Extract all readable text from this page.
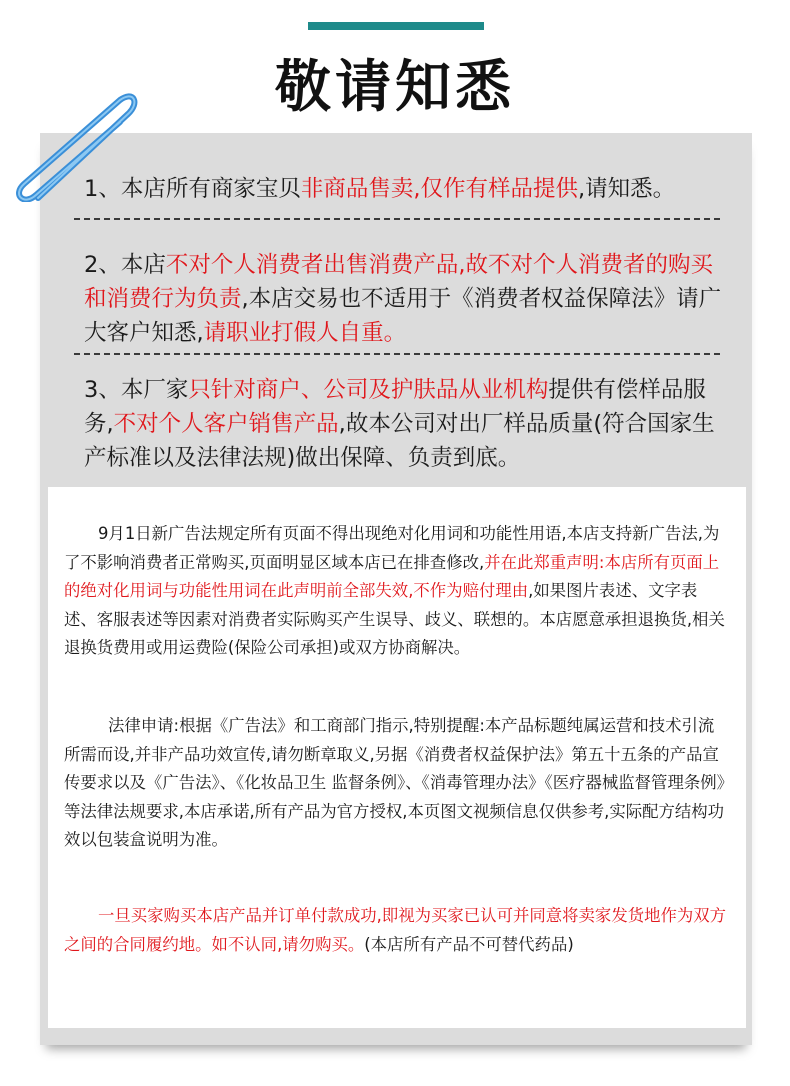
敬请知悉
1、本店所有商家宝贝非商品售卖,仅作有样品提供,请知悉。
2、本店不对个人消费者出售消费产品,故不对个人消费者的购买和消费行为负责,本店交易也不适用于《消费者权益保障法》请广大客户知悉,请职业打假人自重。
3、本厂家只针对商户、公司及护肤品从业机构提供有偿样品服务,不对个人客户销售产品,故本公司对出厂样品质量(符合国家生产标准以及法律法规)做出保障、负责到底。
9月1日新广告法规定所有页面不得出现绝对化用词和功能性用语,本店支持新广告法,为了不影响消费者正常购买,页面明显区域本店已在排查修改,并在此郑重声明:本店所有页面上的绝对化用词与功能性用词在此声明前全部失效,不作为赔付理由,如果图片表述、文字表述、客服表述等因素对消费者实际购买产生误导、歧义、联想的。本店愿意承担退换货,相关退换货费用或用运费险(保险公司承担)或双方协商解决。
法律申请:根据《广告法》和工商部门指示,特别提醒:本产品标题纯属运营和技术引流所需而设,并非产品功效宣传,请勿断章取义,另据《消费者权益保护法》第五十五条的产品宣传要求以及《广告法》、《化妆品卫生 监督条例》、《消毒管理办法》《医疗器械监督管理条例》等法律法规要求,本店承诺,所有产品为官方授权,本页图文视频信息仅供参考,实际配方结构功效以包装盒说明为准。
一旦买家购买本店产品并订单付款成功,即视为买家已认可并同意将卖家发货地作为双方之间的合同履约地。如不认同,请勿购买。(本店所有产品不可替代药品)
